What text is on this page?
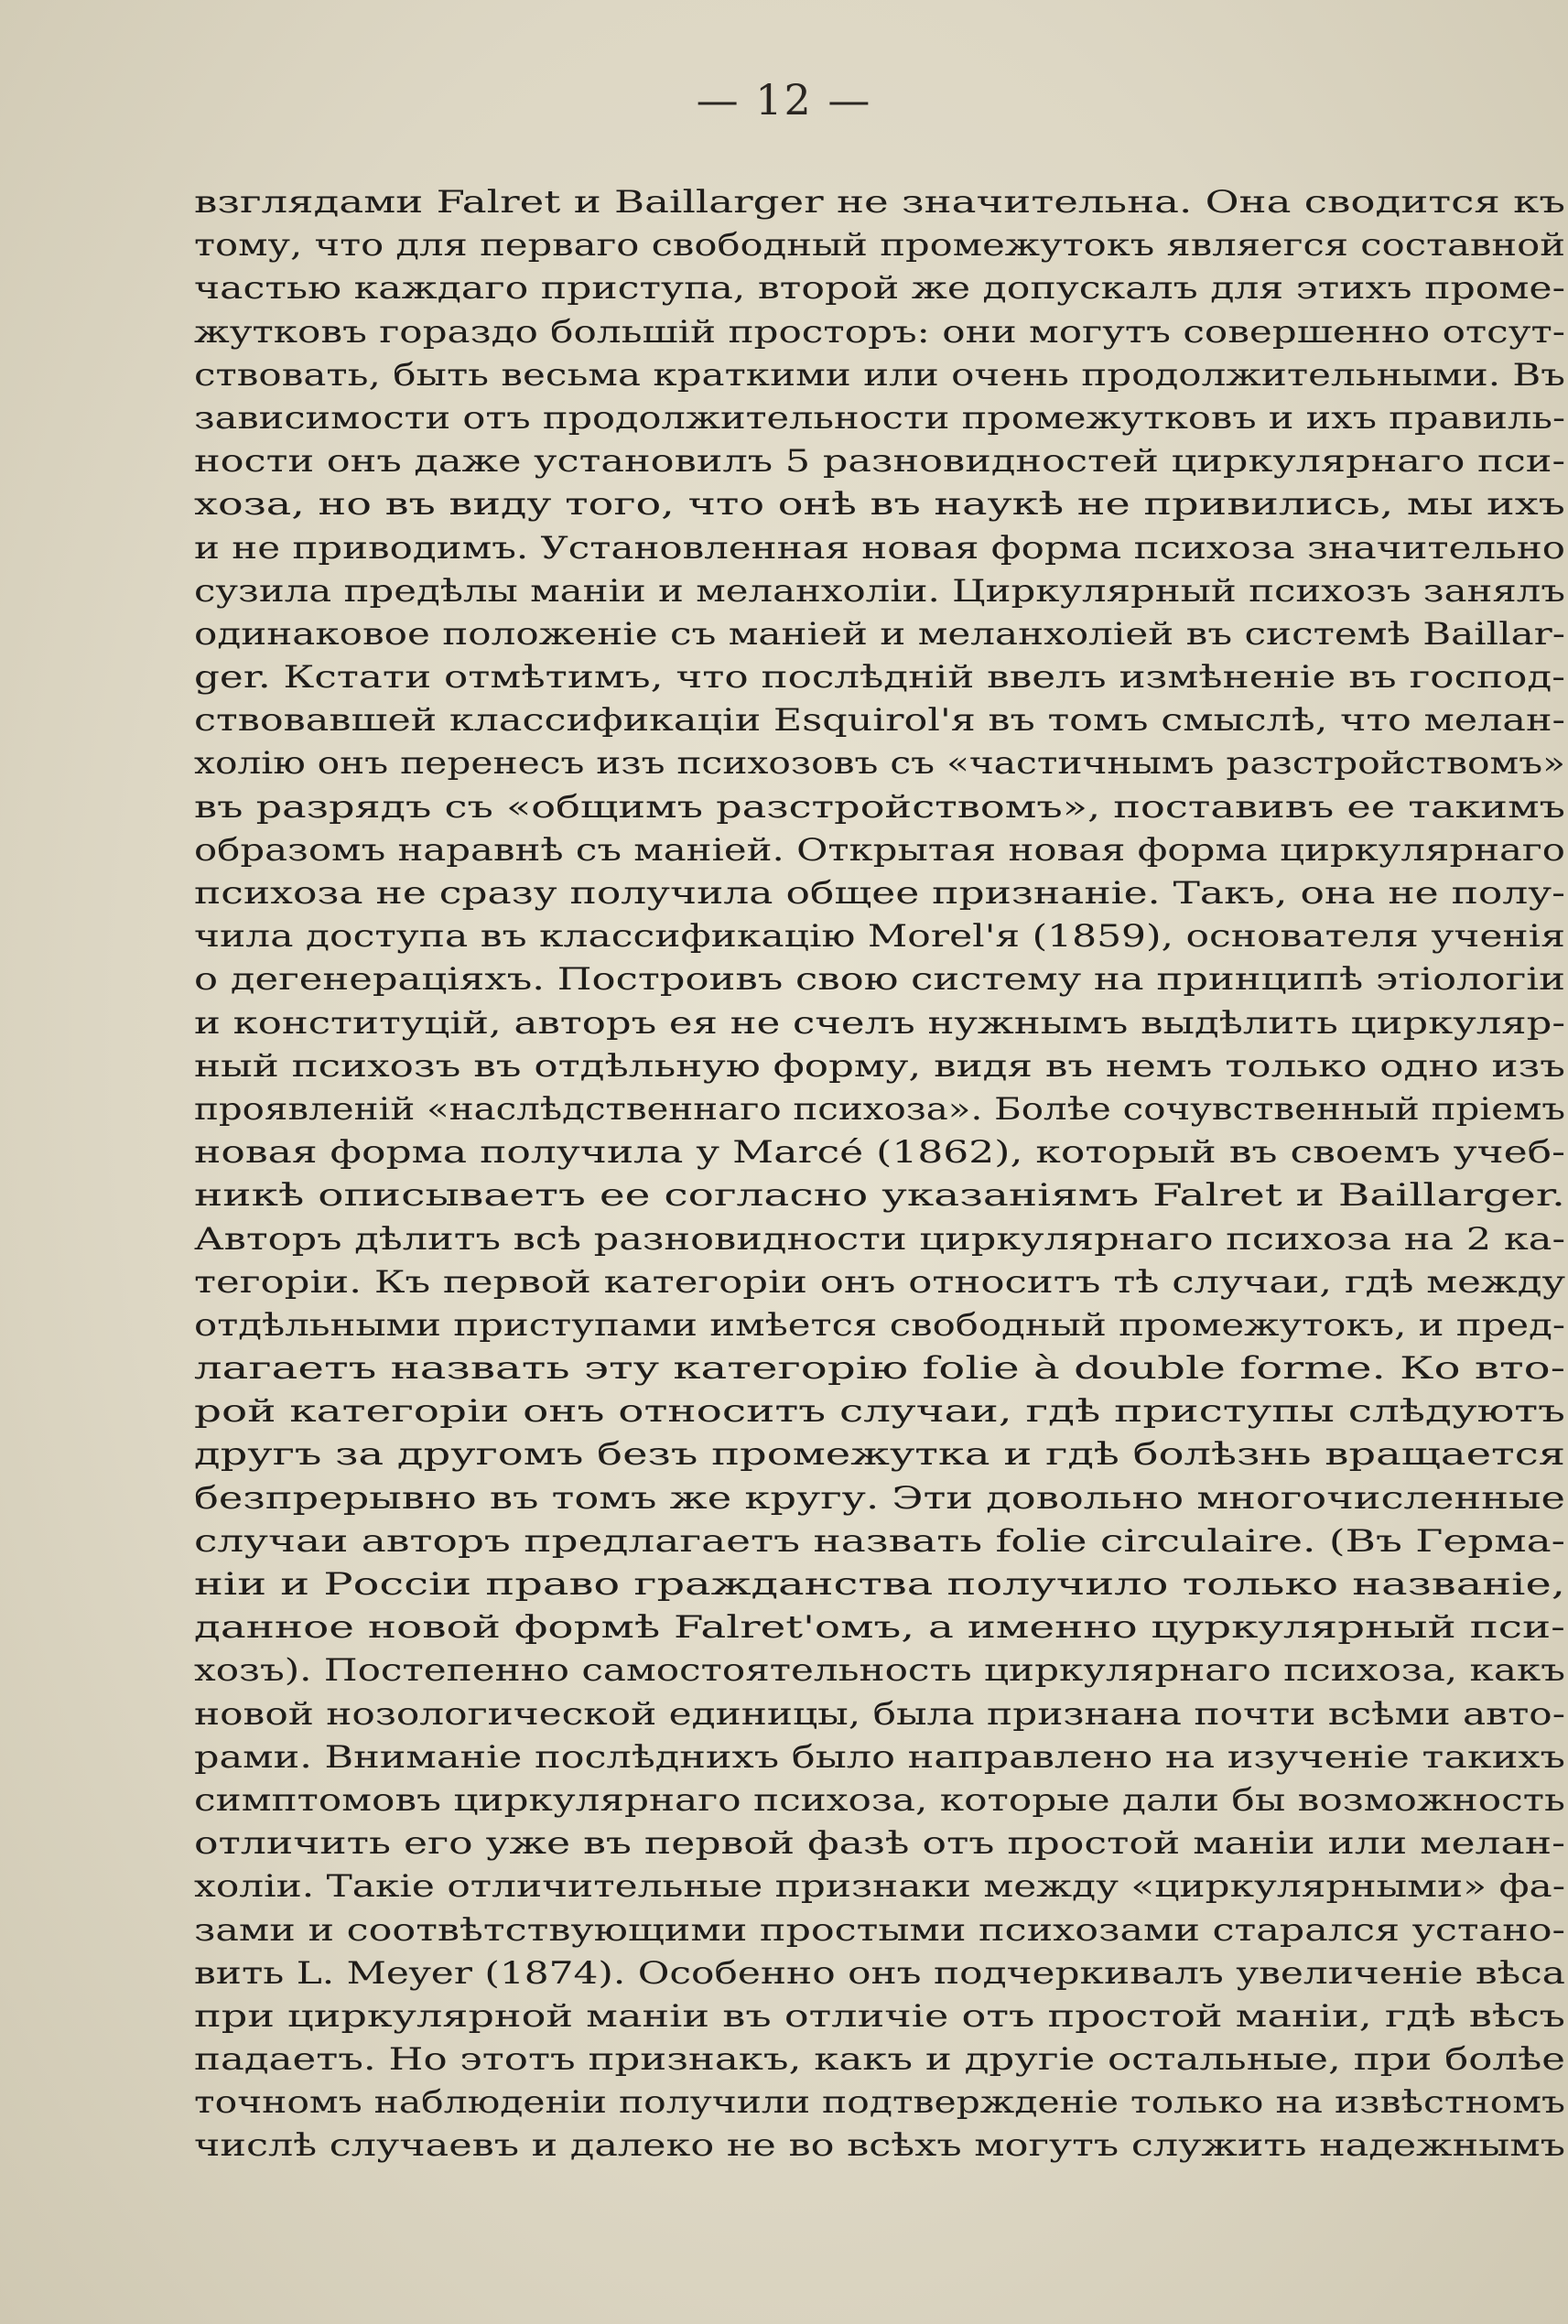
— 12 —
взглядами Falret и Baillarger не значительна. Она сводится къ
тому, что для перваго свободный промежутокъ являегся составной
частью каждаго приступа, второй же допускалъ для этихъ проме-
жутковъ гораздо большiй просторъ: они могутъ совершенно отсут-
ствовать, быть весьма краткими или очень продолжительными. Въ
зависимости отъ продолжительности промежутковъ и ихъ правиль-
ности онъ даже установилъ 5 разновидностей циркулярнаго пси-
хоза, но въ виду того, что онѣ въ наукѣ не привились, мы ихъ
и не приводимъ. Установленная новая форма психоза значительно
сузила предѣлы манiи и меланхолiи. Циркулярный психозъ занялъ
одинаковое положенiе съ манiей и меланхолiей въ системѣ Baillar-
ger. Кстати отмѣтимъ, что послѣднiй ввелъ измѣненiе въ господ-
ствовавшей классификацiи Esquirol'я въ томъ смыслѣ, что мелан-
холiю онъ перенесъ изъ психозовъ съ «частичнымъ разстройствомъ»
въ разрядъ съ «общимъ разстройствомъ», поставивъ ее такимъ
образомъ наравнѣ съ манiей. Открытая новая форма циркулярнаго
психоза не сразу получила общее признанiе. Такъ, она не полу-
чила доступа въ классификацiю Morel'я (1859), основателя ученiя
о дегенерацiяхъ. Построивъ свою систему на принципѣ этiологiи
и конституцiй, авторъ ея не счелъ нужнымъ выдѣлить циркуляр-
ный психозъ въ отдѣльную форму, видя въ немъ только одно изъ
проявленiй «наслѣдственнаго психоза». Болѣе сочувственный прiемъ
новая форма получила у Marcé (1862), который въ своемъ учеб-
никѣ описываетъ ее согласно указанiямъ Falret и Baillarger.
Авторъ дѣлитъ всѣ разновидности циркулярнаго психоза на 2 ка-
тегорiи. Къ первой категорiи онъ относитъ тѣ случаи, гдѣ между
отдѣльными приступами имѣется свободный промежутокъ, и пред-
лагаетъ назвать эту категорiю folie à double forme. Ко вто-
рой категорiи онъ относитъ случаи, гдѣ приступы слѣдуютъ
другъ за другомъ безъ промежутка и гдѣ болѣзнь вращается
безпрерывно въ томъ же кругу. Эти довольно многочисленные
случаи авторъ предлагаетъ назвать folie circulaire. (Въ Герма-
нiи и Россiи право гражданства получило только названiе,
данное новой формѣ Falret'омъ, а именно цуркулярный пси-
хозъ). Постепенно самостоятельность циркулярнаго психоза, какъ
новой нозологической единицы, была признана почти всѣми авто-
рами. Вниманiе послѣднихъ было направлено на изученiе такихъ
симптомовъ циркулярнаго психоза, которые дали бы возможность
отличить его уже въ первой фазѣ отъ простой манiи или мелан-
холiи. Такiе отличительные признаки между «циркулярными» фа-
зами и соотвѣтствующими простыми психозами старался устано-
вить L. Meyer (1874). Особенно онъ подчеркивалъ увеличенiе вѣса
при циркулярной манiи въ отличiе отъ простой манiи, гдѣ вѣсъ
падаетъ. Но этотъ признакъ, какъ и другiе остальные, при болѣе
точномъ наблюденiи получили подтвержденiе только на извѣстномъ
числѣ случаевъ и далеко не во всѣхъ могутъ служить надежнымъ
